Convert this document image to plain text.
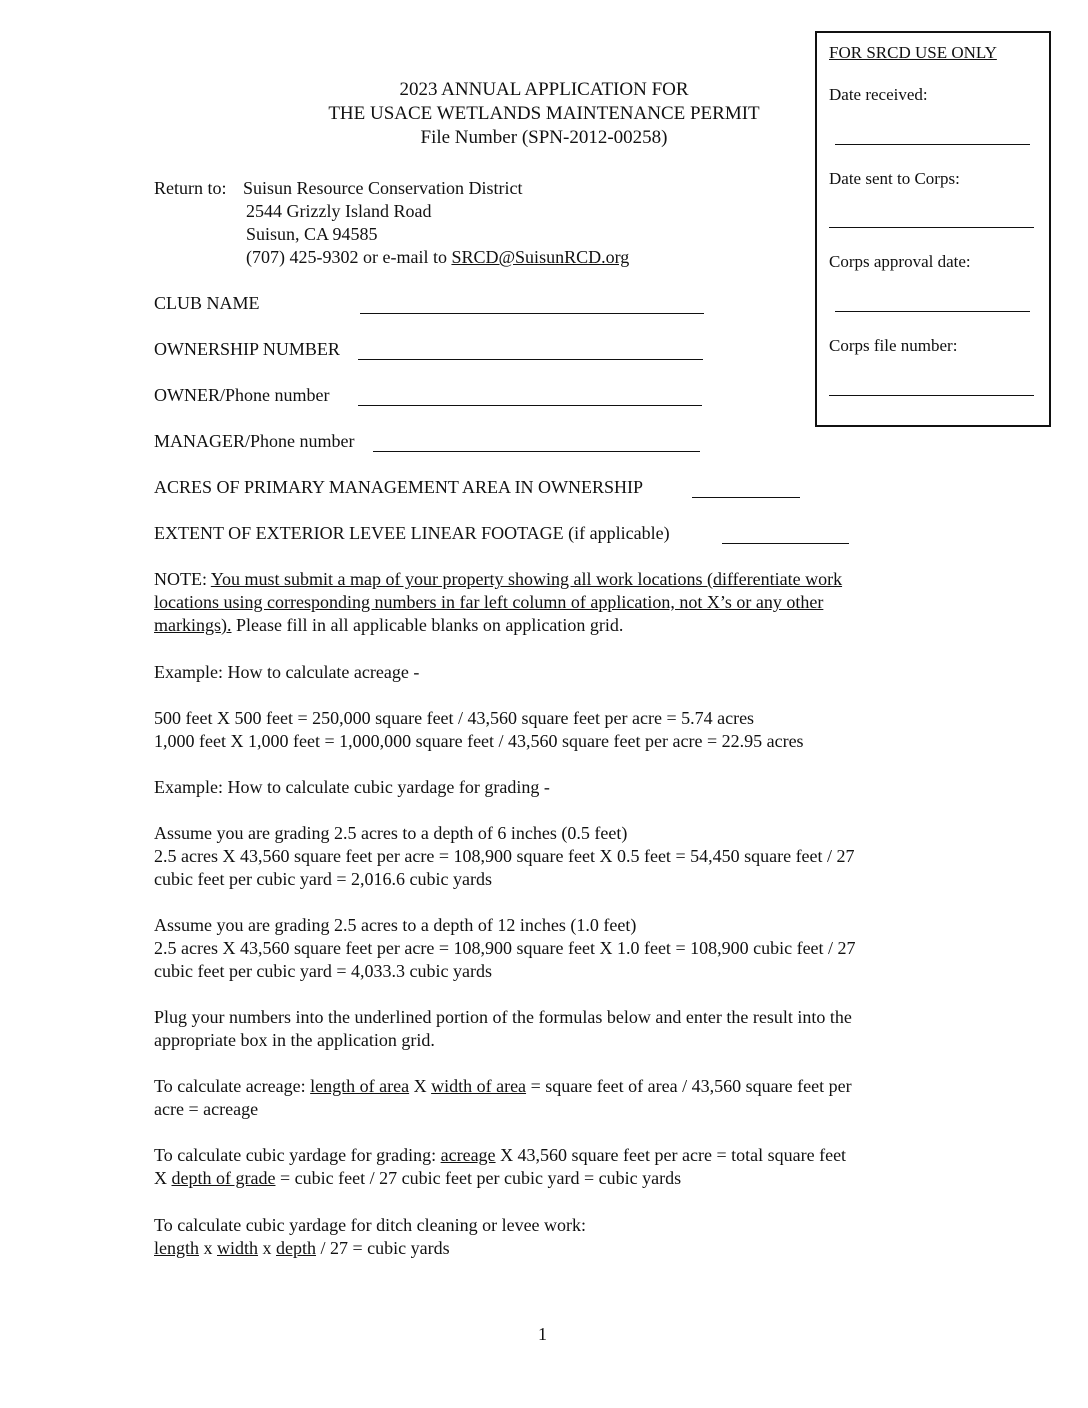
FOR SRCD USE ONLY
Date received:
Date sent to Corps:
Corps approval date:
Corps file number:
2023 ANNUAL APPLICATION FOR
THE USACE WETLANDS MAINTENANCE PERMIT
File Number (SPN-2012-00258)
Return to: Suisun Resource Conservation District
2544 Grizzly Island Road
Suisun, CA 94585
(707) 425-9302 or e-mail to SRCD@SuisunRCD.org
CLUB NAME
OWNERSHIP NUMBER
OWNER/Phone number
MANAGER/Phone number
ACRES OF PRIMARY MANAGEMENT AREA IN OWNERSHIP
EXTENT OF EXTERIOR LEVEE LINEAR FOOTAGE (if applicable)
NOTE: You must submit a map of your property showing all work locations (differentiate work
locations using corresponding numbers in far left column of application, not X’s or any other
markings). Please fill in all applicable blanks on application grid.
Example: How to calculate acreage -
500 feet X 500 feet = 250,000 square feet / 43,560 square feet per acre = 5.74 acres
1,000 feet X 1,000 feet = 1,000,000 square feet / 43,560 square feet per acre = 22.95 acres
Example: How to calculate cubic yardage for grading -
Assume you are grading 2.5 acres to a depth of 6 inches (0.5 feet)
2.5 acres X 43,560 square feet per acre = 108,900 square feet X 0.5 feet = 54,450 square feet / 27
cubic feet per cubic yard = 2,016.6 cubic yards
Assume you are grading 2.5 acres to a depth of 12 inches (1.0 feet)
2.5 acres X 43,560 square feet per acre = 108,900 square feet X 1.0 feet = 108,900 cubic feet / 27
cubic feet per cubic yard = 4,033.3 cubic yards
Plug your numbers into the underlined portion of the formulas below and enter the result into the
appropriate box in the application grid.
To calculate acreage: length of area X width of area = square feet of area / 43,560 square feet per
acre = acreage
To calculate cubic yardage for grading: acreage X 43,560 square feet per acre = total square feet
X depth of grade = cubic feet / 27 cubic feet per cubic yard = cubic yards
To calculate cubic yardage for ditch cleaning or levee work:
length x width x depth / 27 = cubic yards
1
